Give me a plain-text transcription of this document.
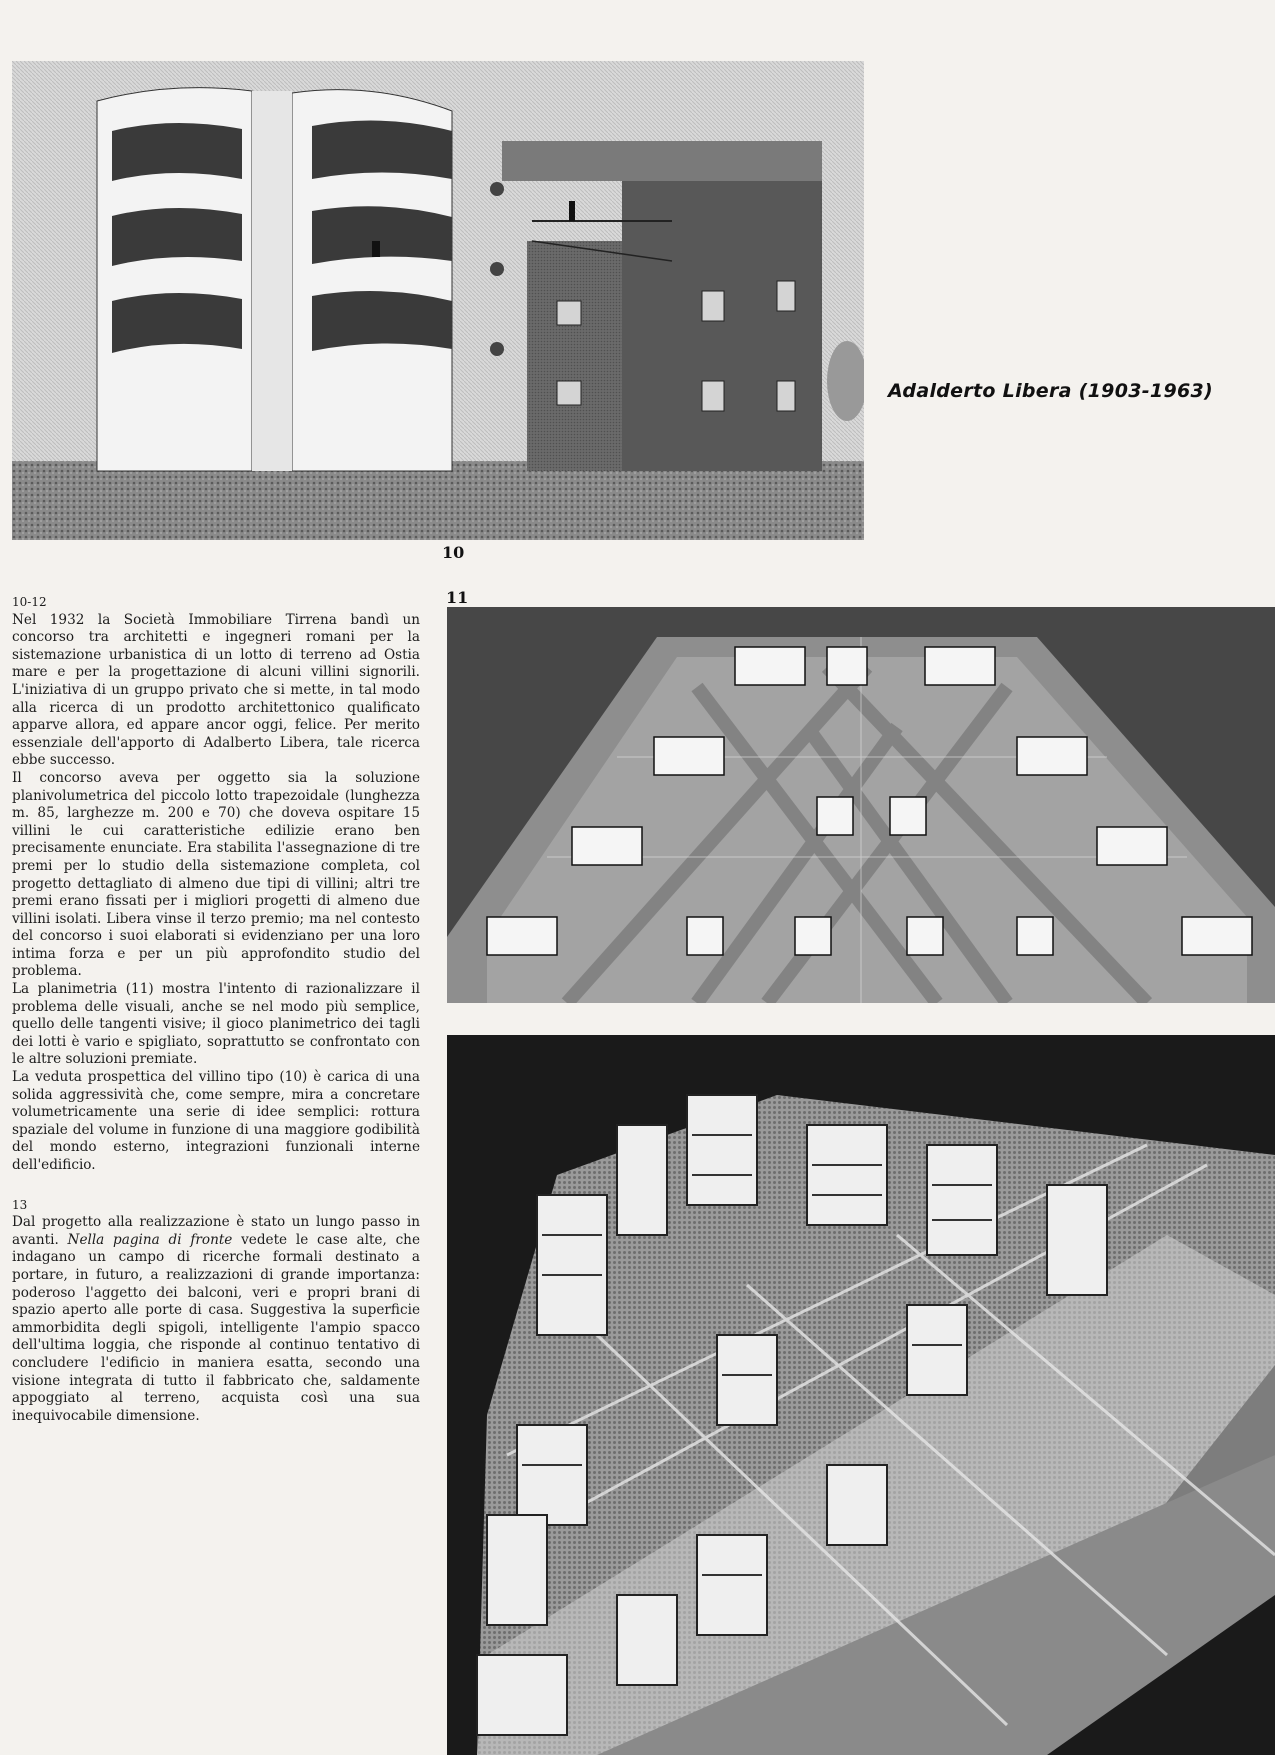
10
Adalderto Libera (1903-1963)
11

10-12

Nel 1932 la Società Immobiliare Tirrena bandì un concorso tra architetti e ingegneri romani per la sistemazione urbanistica di un lotto di terreno ad Ostia mare e per la progettazione di alcuni villini signorili. L'iniziativa di un gruppo privato che si mette, in tal modo alla ricerca di un prodotto architettonico qualificato apparve allora, ed appare ancor oggi, felice. Per merito essenziale dell'apporto di Adalberto Libera, tale ricerca ebbe successo.

Il concorso aveva per oggetto sia la soluzione planivolumetrica del piccolo lotto trapezoidale (lunghezza m. 85, larghezze m. 200 e 70) che doveva ospitare 15 villini le cui caratteristiche edilizie erano ben precisamente enunciate. Era stabilita l'assegnazione di tre premi per lo studio della sistemazione completa, col progetto dettagliato di almeno due tipi di villini; altri tre premi erano fissati per i migliori progetti di almeno due villini isolati. Libera vinse il terzo premio; ma nel contesto del concorso i suoi elaborati si evidenziano per una loro intima forza e per un più approfondito studio del problema.

La planimetria (11) mostra l'intento di razionalizzare il problema delle visuali, anche se nel modo più semplice, quello delle tangenti visive; il gioco planimetrico dei tagli dei lotti è vario e spigliato, soprattutto se confrontato con le altre soluzioni premiate.

La veduta prospettica del villino tipo (10) è carica di una solida aggressività che, come sempre, mira a concretare volumetricamente una serie di idee semplici: rottura spaziale del volume in funzione di una maggiore godibilità del mondo esterno, integrazioni funzionali interne dell'edificio.

13

Dal progetto alla realizzazione è stato un lungo passo in avanti. Nella pagina di fronte vedete le case alte, che indagano un campo di ricerche formali destinato a portare, in futuro, a realizzazioni di grande importanza: poderoso l'aggetto dei balconi, veri e propri brani di spazio aperto alle porte di casa. Suggestiva la superficie ammorbidita degli spigoli, intelligente l'ampio spacco dell'ultima loggia, che risponde al continuo tentativo di concludere l'edificio in maniera esatta, secondo una visione integrata di tutto il fabbricato che, saldamente appoggiato al terreno, acquista così una sua inequivocabile dimensione.
